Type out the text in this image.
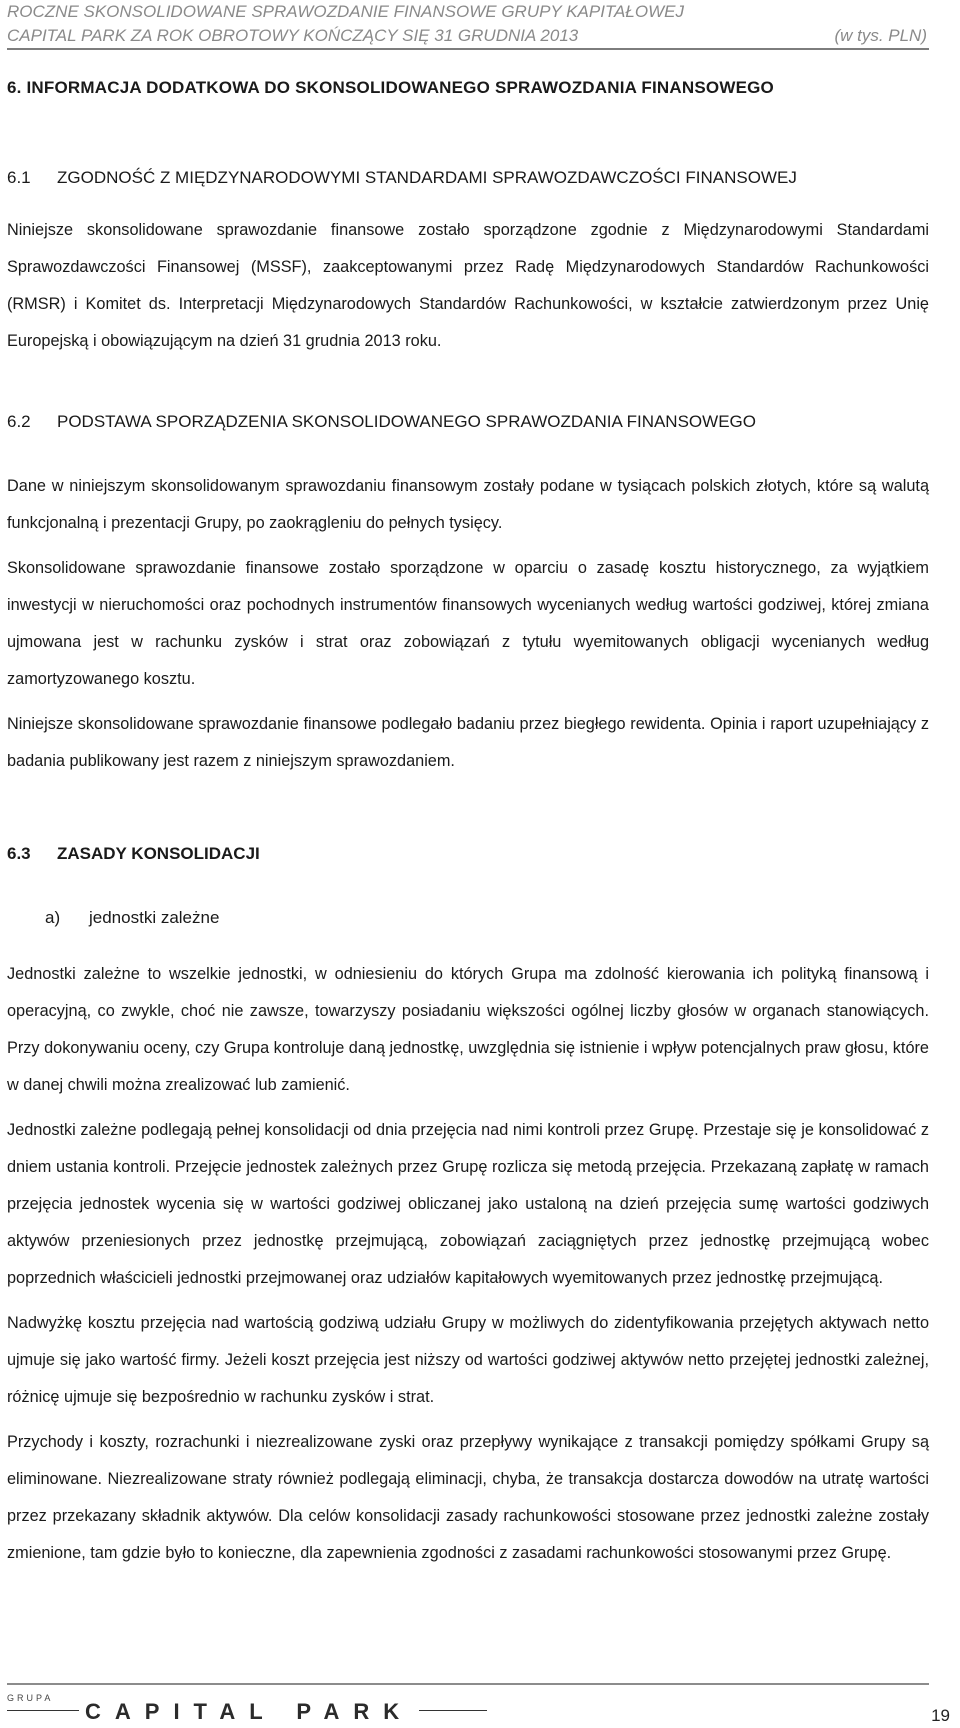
ROCZNE SKONSOLIDOWANE SPRAWOZDANIE FINANSOWE GRUPY KAPITAŁOWEJ
CAPITAL PARK ZA ROK OBROTOWY KOŃCZĄCY SIĘ 31 GRUDNIA 2013	(w tys. PLN)
6. INFORMACJA DODATKOWA DO SKONSOLIDOWANEGO SPRAWOZDANIA FINANSOWEGO
6.1	ZGODNOŚĆ Z MIĘDZYNARODOWYMI STANDARDAMI SPRAWOZDAWCZOŚCI FINANSOWEJ

Niniejsze skonsolidowane sprawozdanie finansowe zostało sporządzone zgodnie z Międzynarodowymi Standardami Sprawozdawczości Finansowej (MSSF), zaakceptowanymi przez Radę Międzynarodowych Standardów Rachunkowości (RMSR) i Komitet ds. Interpretacji Międzynarodowych Standardów Rachunkowości, w kształcie zatwierdzonym przez Unię Europejską i obowiązującym na dzień 31 grudnia 2013 roku.

6.2	PODSTAWA SPORZĄDZENIA SKONSOLIDOWANEGO SPRAWOZDANIA FINANSOWEGO

Dane w niniejszym skonsolidowanym sprawozdaniu finansowym zostały podane w tysiącach polskich złotych, które są walutą funkcjonalną i prezentacji Grupy, po zaokrągleniu do pełnych tysięcy.

Skonsolidowane sprawozdanie finansowe zostało sporządzone w oparciu o zasadę kosztu historycznego, za wyjątkiem inwestycji w nieruchomości oraz pochodnych instrumentów finansowych wycenianych według wartości godziwej, której zmiana ujmowana jest w rachunku zysków i strat oraz zobowiązań z tytułu wyemitowanych obligacji wycenianych według zamortyzowanego kosztu.

Niniejsze skonsolidowane sprawozdanie finansowe podlegało badaniu przez biegłego rewidenta. Opinia i raport uzupełniający z badania publikowany jest razem z niniejszym sprawozdaniem.

6.3	ZASADY KONSOLIDACJI
a)	jednostki zależne

Jednostki zależne to wszelkie jednostki, w odniesieniu do których Grupa ma zdolność kierowania ich polityką finansową i operacyjną, co zwykle, choć nie zawsze, towarzyszy posiadaniu większości ogólnej liczby głosów w organach stanowiących. Przy dokonywaniu oceny, czy Grupa kontroluje daną jednostkę, uwzględnia się istnienie i wpływ potencjalnych praw głosu, które w danej chwili można zrealizować lub zamienić.

Jednostki zależne podlegają pełnej konsolidacji od dnia przejęcia nad nimi kontroli przez Grupę. Przestaje się je konsolidować z dniem ustania kontroli. Przejęcie jednostek zależnych przez Grupę rozlicza się metodą przejęcia. Przekazaną zapłatę w ramach przejęcia jednostek wycenia się w wartości godziwej obliczanej jako ustaloną na dzień przejęcia sumę wartości godziwych aktywów przeniesionych przez jednostkę przejmującą, zobowiązań zaciągniętych przez jednostkę przejmującą wobec poprzednich właścicieli jednostki przejmowanej oraz udziałów kapitałowych wyemitowanych przez jednostkę przejmującą.

Nadwyżkę kosztu przejęcia nad wartością godziwą udziału Grupy w możliwych do zidentyfikowania przejętych aktywach netto ujmuje się jako wartość firmy. Jeżeli koszt przejęcia jest niższy od wartości godziwej aktywów netto przejętej jednostki zależnej, różnicę ujmuje się bezpośrednio w rachunku zysków i strat.

Przychody i koszty, rozrachunki i niezrealizowane zyski oraz przepływy wynikające z transakcji pomiędzy spółkami Grupy są eliminowane. Niezrealizowane straty również podlegają eliminacji, chyba, że transakcja dostarcza dowodów na utratę wartości przez przekazany składnik aktywów. Dla celów konsolidacji zasady rachunkowości stosowane przez jednostki zależne zostały zmienione, tam gdzie było to konieczne, dla zapewnienia zgodności z zasadami rachunkowości stosowanymi przez Grupę.

GRUPA
CAPITAL PARK	19
